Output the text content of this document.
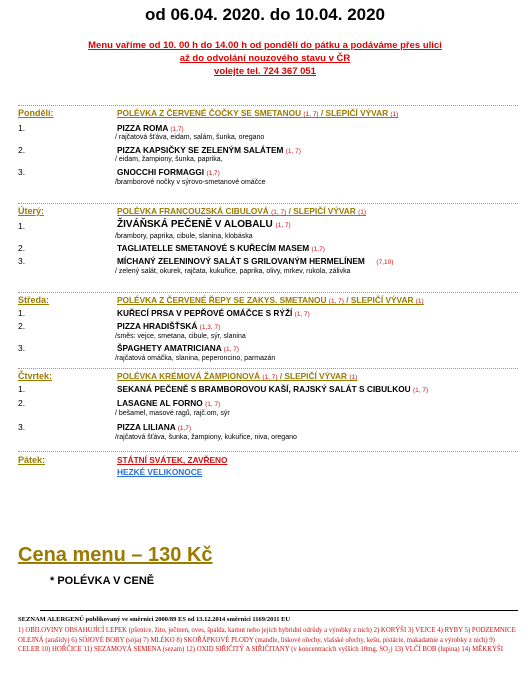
od 06.04. 2020. do 10.04. 2020
Menu vaříme od 10. 00 h do 14.00 h od pondělí do pátku a podáváme přes ulici
až do odvolání nouzového stavu v ČR
volejte tel. 724 367 051
Pondělí:	POLÉVKA Z ČERVENÉ ČOČKY SE SMETANOU (1, 7) / SLEPIČÍ VÝVAR (1)
1.	PIZZA ROMA (1,7)
/ rajčatová šťáva, eidam, salám, šunka, oregano
2.	PIZZA KAPSIČKY SE ZELENÝM SALÁTEM (1, 7)
/ eidam, žampiony, šunka, paprika,
3.	GNOCCHI FORMAGGI (1,7)
/bramborové nočky v sýrovo-smetanové omáčce
Úterý:	POLÉVKA FRANCOUZSKÁ CIBULOVÁ (1, 7) / SLEPIČÍ VÝVAR (1)
1.	ŽIVÁŇSKÁ PEČENĚ V ALOBALU (1, 7)
/brambory, paprika, cibule, slanina, klobáska
2.	TAGLIATELLE SMETANOVÉ S KUŘECÍM MASEM (1,7)
3.	MÍCHANÝ ZELENINOVÝ SALÁT S GRILOVANÝM HERMELÍNEM (7,10)
/ zelený salát, okurek, rajčata, kukuřice, paprika, olivy, mrkev, rukola, zálivka
Středa:	POLÉVKA Z ČERVENÉ ŘEPY SE ZAKYS. SMETANOU (1, 7) / SLEPIČÍ VÝVAR (1)
1.	KUŘECÍ PRSA V PEPŘOVÉ OMÁČCE S RÝŽÍ (1, 7)
2.	PIZZA HRADIŠŤSKÁ (1,3, 7)
/směs: vejce, smetana, cibule, sýr, slanina
3.	ŠPAGHETY AMATRICIANA (1, 7)
/rajčatová omáčka, slanina, peperoncino, parmazán
Čtvrtek:	POLÉVKA KRÉMOVÁ ŽAMPIONOVÁ (1, 7) / SLEPIČÍ VÝVAR (1)
1.	SEKANÁ PEČENĚ S BRAMBOROVOU KAŠÍ, RAJSKÝ SALÁT S CIBULKOU (1, 7)
2.	LASAGNE AL FORNO (1, 7)
/ bešamel, masové ragů, rajč.om, sýr
3.	PIZZA LILIANA (1,7)
/rajčatová šťáva, šunka, žampiony, kukuřice, niva, oregano
Pátek:	STÁTNÍ SVÁTEK, ZAVŘENO
HEZKÉ VELIKONOCE
Cena menu – 130 Kč
* POLÉVKA V CENĚ
SEZNAM ALERGENŮ publikovaný ve směrnici 2000/89 ES od 13.12.2014 směrnici 1169/2011 EU
1) OBILOVINY OBSAHUJÍCÍ LEPEK (pšenice, žito, ječmen, oves, špalda, kamut nebo jejich hybridní odrůdy a výrobky z nich) 2) KORÝŠI 3) VEJCE 4) RYBY 5) PODZEMNICE OLEJNÁ (arašídy) 6) SÓJOVÉ BOBY (sója) 7) MLÉKO 8) SKOŘÁPKOVÉ PLODY (mandle, lískové ořechy, vlašské ořechy, kešu, pistácie, makadamie a výrobky z nich) 9) CELER 10) HOŘČICE 11) SEZAMOVÁ SEMENA (sezam) 12) OXID SIŘIČITÝ A SIŘIČITANY (v koncentracích vyšších 10mg, SO₂) 13) VLČÍ BOB (lupina) 14) MĚKKÝŠI
